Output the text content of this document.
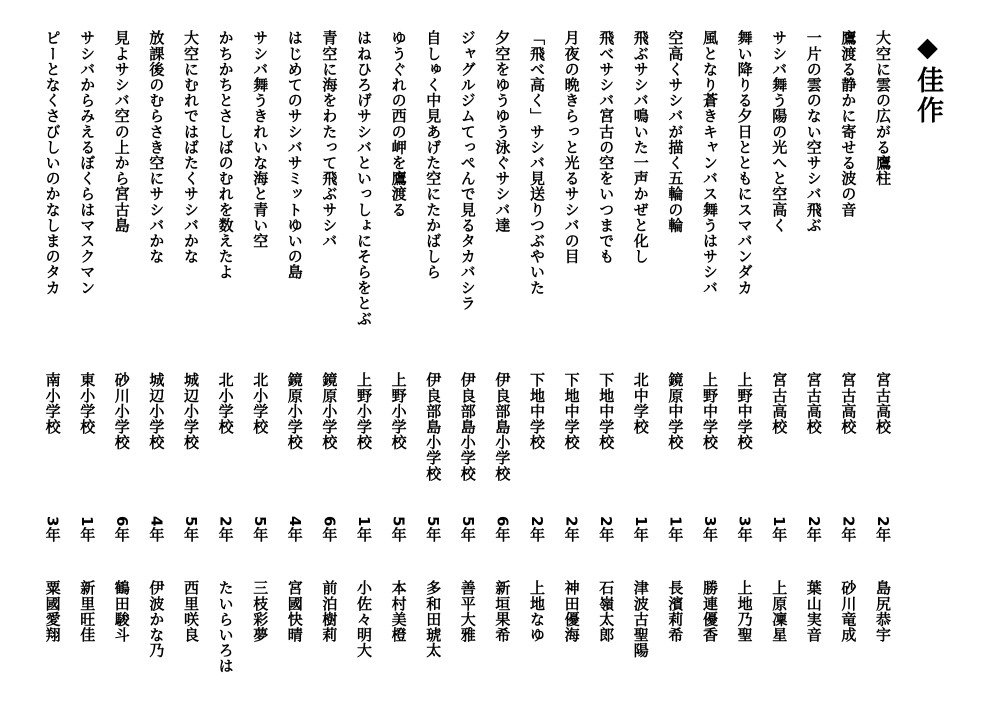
◆佳作
大空に雲の広がる鷹柱
宮古高校
2年
島尻恭宇
鷹渡る静かに寄せる波の音
宮古高校
2年
砂川竜成
一片の雲のない空サシバ飛ぶ
宮古高校
2年
葉山実音
サシバ舞う陽の光へと空高く
宮古高校
1年
上原凜星
舞い降りる夕日とともにスマバンダカ
上野中学校
3年
上地乃聖
風となり蒼きキャンバス舞うはサシバ
上野中学校
3年
勝連優香
空高くサシバが描く五輪の輪
鏡原中学校
1年
長濱莉希
飛ぶサシバ鳴いた一声かぜと化し
北中学校
1年
津波古聖陽
飛べサシバ宮古の空をいつまでも
下地中学校
2年
石嶺太郎
月夜の晩きらっと光るサシバの目
下地中学校
2年
神田優海
「飛べ高く」サシバ見送りつぶやいた
下地中学校
2年
上地なゆ
夕空をゆうゆう泳ぐサシバ達
伊良部島小学校
6年
新垣果希
ジャグルジムてっぺんで見るタカバシラ
伊良部島小学校
5年
善平大雅
自しゅく中見あげた空にたかばしら
伊良部島小学校
5年
多和田琥太
ゆうぐれの西の岬を鷹渡る
上野小学校
5年
本村美橙
はねひろげサシバといっしょにそらをとぶ
上野小学校
1年
小佐々明大
青空に海をわたって飛ぶサシバ
鏡原小学校
6年
前泊樹莉
はじめてのサシバサミットゆいの島
鏡原小学校
4年
宮國快晴
サシバ舞うきれいな海と青い空
北小学校
5年
三枝彩夢
かちかちとさしばのむれを数えたよ
北小学校
2年
たいらいろは
大空にむれではばたくサシバかな
城辺小学校
5年
西里咲良
放課後のむらさき空にサシバかな
城辺小学校
4年
伊波かな乃
見よサシバ空の上から宮古島
砂川小学校
6年
鶴田駿斗
サシバからみえるぼくらはマスクマン
東小学校
1年
新里旺佳
ピーとなくさびしいのかなしまのタカ
南小学校
3年
粟國愛翔
